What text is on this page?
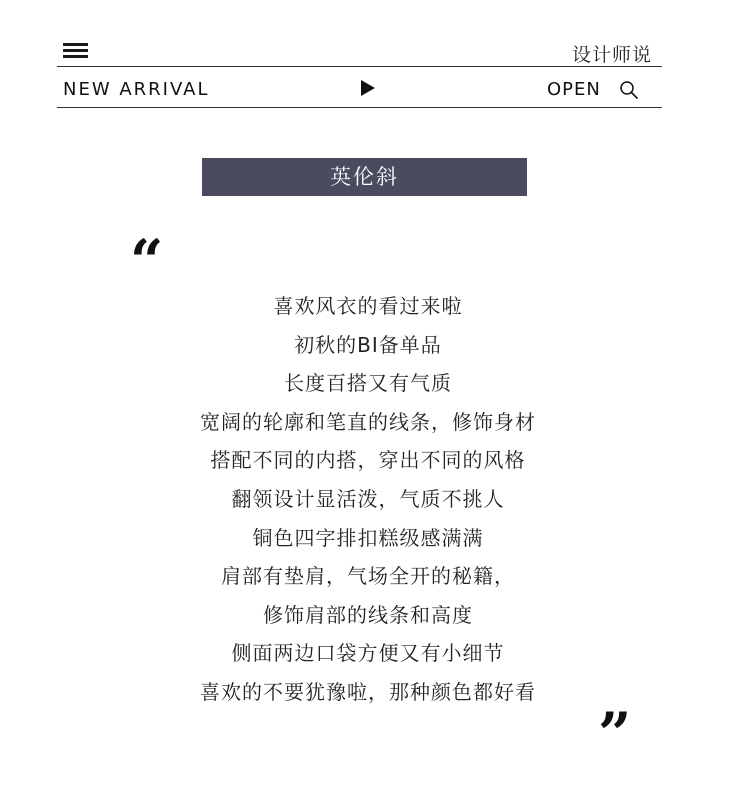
设计师说
NEW ARRIVAL	OPEN
英伦斜
“
喜欢风衣的看过来啦
初秋的BI备单品
长度百搭又有气质
宽阔的轮廓和笔直的线条，修饰身材
搭配不同的内搭，穿出不同的风格
翻领设计显活泼，气质不挑人
铜色四字排扣糕级感满满
肩部有垫肩，气场全开的秘籍，
修饰肩部的线条和高度
侧面两边口袋方便又有小细节
喜欢的不要犹豫啦，那种颜色都好看
”
